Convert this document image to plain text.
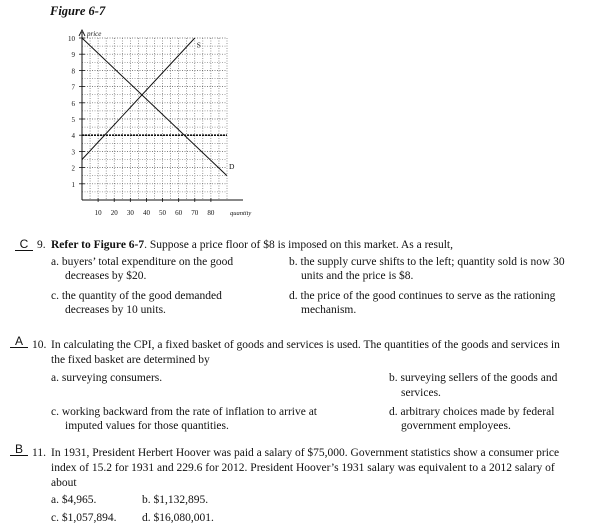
Figure 6-7
1
2
3
4
5
6
7
8
9
10
10 20 30 40 50 60 70 80
price
quantity
S
D
C 9. Refer to Figure 6-7. Suppose a price floor of $8 is imposed on this market. As a result,
a. buyers’ total expenditure on the good
decreases by $20.
b. the supply curve shifts to the left; quantity sold is now 30
units and the price is $8.
c. the quantity of the good demanded
decreases by 10 units.
d. the price of the good continues to serve as the rationing
mechanism.
A 10. In calculating the CPI, a fixed basket of goods and services is used. The quantities of the goods and services in
the fixed basket are determined by
a. surveying consumers.	b. surveying sellers of the goods and
services.
c. working backward from the rate of inflation to arrive at
imputed values for those quantities.
d. arbitrary choices made by federal
government employees.
B 11. In 1931, President Herbert Hoover was paid a salary of $75,000. Government statistics show a consumer price
index of 15.2 for 1931 and 229.6 for 2012. President Hoover’s 1931 salary was equivalent to a 2012 salary of
about
a. $4,965.	b. $1,132,895.
c. $1,057,894. d. $16,080,001.
